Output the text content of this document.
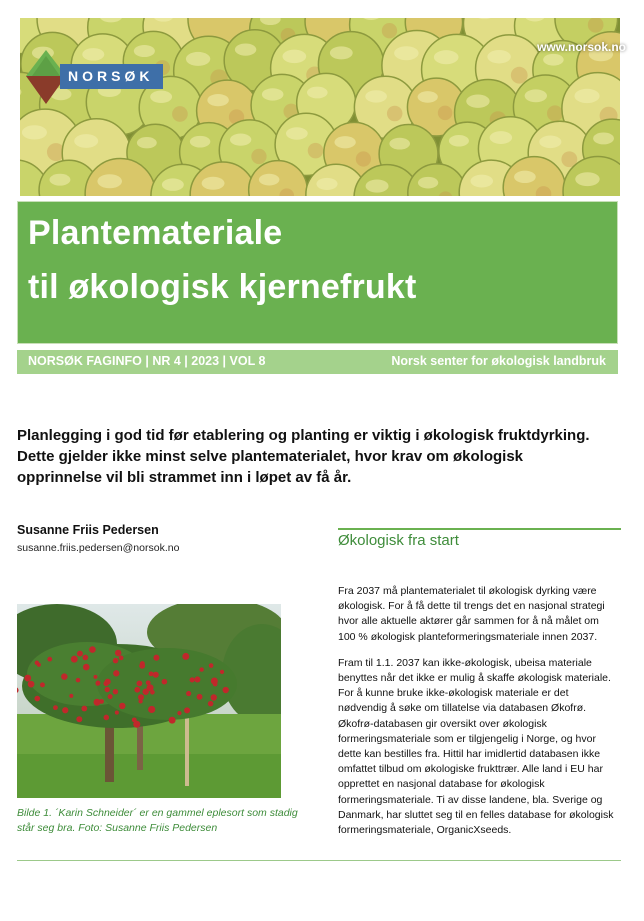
NORSØK
www.norsok.no
Plantemateriale
til økologisk kjernefrukt
NORSØK FAGINFO | NR 4 | 2023 | VOL 8	Norsk senter for økologisk landbruk
Planlegging i god tid før etablering og planting er viktig i økologisk fruktdyrking. Dette gjelder ikke minst selve plantematerialet, hvor krav om økologisk opprinnelse vil bli strammet inn i løpet av få år.
Susanne Friis Pedersen
susanne.friis.pedersen@norsok.no
Bilde 1. ´Karin Schneider´ er en gammel eplesort som stadig står seg bra. Foto: Susanne Friis Pedersen
Økologisk fra start

Fra 2037 må plantematerialet til økologisk dyrking være økologisk. For å få dette til trengs det en nasjonal strategi hvor alle aktuelle aktører går sammen for å nå målet om 100 % økologisk planteformeringsmateriale innen 2037.

Fram til 1.1. 2037 kan ikke-økologisk, ubeisa materiale benyttes når det ikke er mulig å skaffe økologisk materiale. For å kunne bruke ikke-økologisk materiale er det nødvendig å søke om tillatelse via databasen Økofrø. Økofrø-databasen gir oversikt over økologisk formeringsmateriale som er tilgjengelig i Norge, og hvor dette kan bestilles fra. Hittil har imidlertid databasen ikke omfattet tilbud om økologiske frukttrær. Alle land i EU har opprettet en nasjonal database for økologisk formeringsmateriale. Ti av disse landene, bla. Sverige og Danmark, har sluttet seg til en felles database for økologisk formeringsmateriale, OrganicXseeds.
